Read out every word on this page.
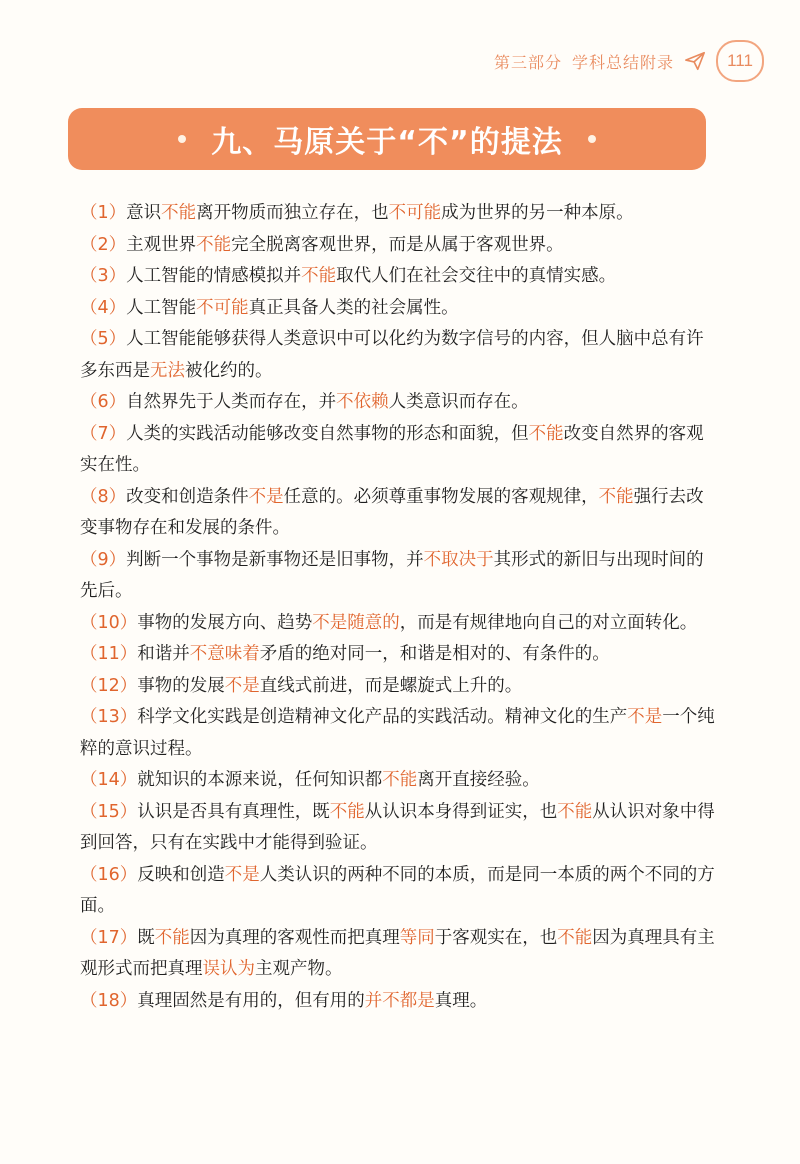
第三部分 学科总结附录	111
九、马原关于“不”的提法
（1）意识不能离开物质而独立存在，也不可能成为世界的另一种本原。
（2）主观世界不能完全脱离客观世界，而是从属于客观世界。
（3）人工智能的情感模拟并不能取代人们在社会交往中的真情实感。
（4）人工智能不可能真正具备人类的社会属性。
（5）人工智能能够获得人类意识中可以化约为数字信号的内容，但人脑中总有许多东西是无法被化约的。
（6）自然界先于人类而存在，并不依赖人类意识而存在。
（7）人类的实践活动能够改变自然事物的形态和面貌，但不能改变自然界的客观实在性。
（8）改变和创造条件不是任意的。必须尊重事物发展的客观规律，不能强行去改变事物存在和发展的条件。
（9）判断一个事物是新事物还是旧事物，并不取决于其形式的新旧与出现时间的先后。
（10）事物的发展方向、趋势不是随意的，而是有规律地向自己的对立面转化。
（11）和谐并不意味着矛盾的绝对同一，和谐是相对的、有条件的。
（12）事物的发展不是直线式前进，而是螺旋式上升的。
（13）科学文化实践是创造精神文化产品的实践活动。精神文化的生产不是一个纯粹的意识过程。
（14）就知识的本源来说，任何知识都不能离开直接经验。
（15）认识是否具有真理性，既不能从认识本身得到证实，也不能从认识对象中得到回答，只有在实践中才能得到验证。
（16）反映和创造不是人类认识的两种不同的本质，而是同一本质的两个不同的方面。
（17）既不能因为真理的客观性而把真理等同于客观实在，也不能因为真理具有主观形式而把真理误认为主观产物。
（18）真理固然是有用的，但有用的并不都是真理。
